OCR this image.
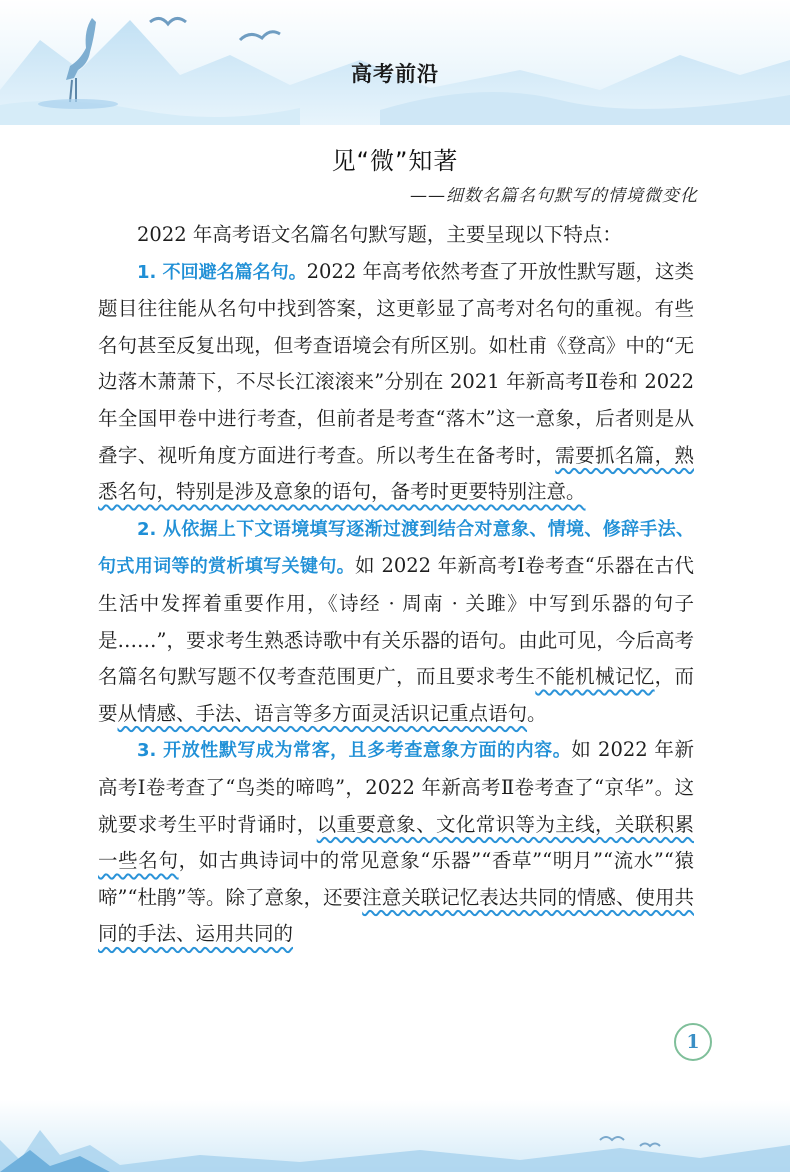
高考前沿
见“微”知著
——细数名篇名句默写的情境微变化

2022 年高考语文名篇名句默写题，主要呈现以下特点：

1. 不回避名篇名句。2022 年高考依然考查了开放性默写题，这类题目往往能从名句中找到答案，这更彰显了高考对名句的重视。有些名句甚至反复出现，但考查语境会有所区别。如杜甫《登高》中的“无边落木萧萧下，不尽长江滚滚来”分别在 2021 年新高考Ⅱ卷和 2022 年全国甲卷中进行考查，但前者是考查“落木”这一意象，后者则是从叠字、视听角度方面进行考查。所以考生在备考时，需要抓名篇，熟悉名句，特别是涉及意象的语句，备考时更要特别注意。

2. 从依据上下文语境填写逐渐过渡到结合对意象、情境、修辞手法、句式用词等的赏析填写关键句。如 2022 年新高考Ⅰ卷考查“乐器在古代生活中发挥着重要作用，《诗经 · 周南 · 关雎》中写到乐器的句子是……”，要求考生熟悉诗歌中有关乐器的语句。由此可见，今后高考名篇名句默写题不仅考查范围更广，而且要求考生不能机械记忆，而要从情感、手法、语言等多方面灵活识记重点语句。

3. 开放性默写成为常客，且多考查意象方面的内容。如 2022 年新高考Ⅰ卷考查了“鸟类的啼鸣”，2022 年新高考Ⅱ卷考查了“京华”。这就要求考生平时背诵时，以重要意象、文化常识等为主线，关联积累一些名句，如古典诗词中的常见意象“乐器”“香草”“明月”“流水”“猿啼”“杜鹃”等。除了意象，还要注意关联记忆表达共同的情感、使用共同的手法、运用共同的

1
